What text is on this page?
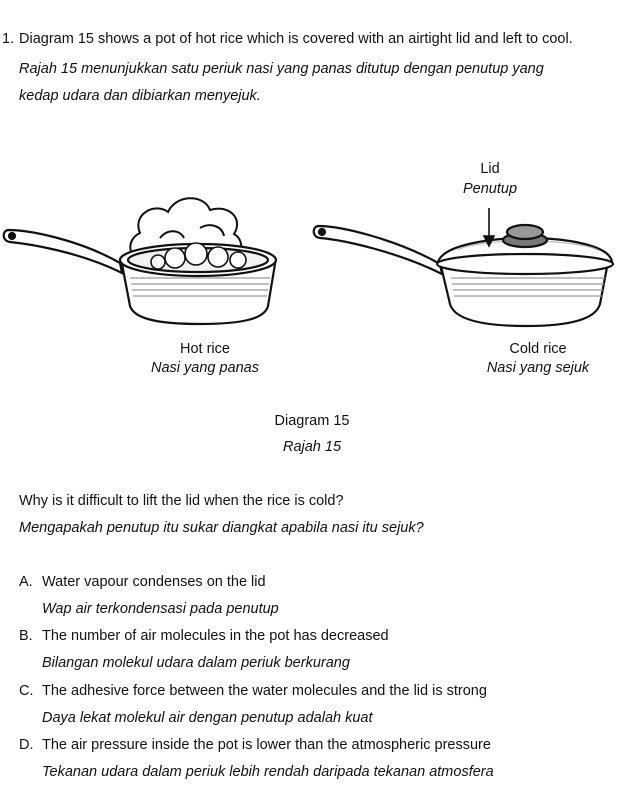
1. Diagram 15 shows a pot of hot rice which is covered with an airtight lid and left to cool.
Rajah 15 menunjukkan satu periuk nasi yang panas ditutup dengan penutup yang
kedap udara dan dibiarkan menyejuk.
Lid
Penutup
Hot rice
Nasi yang panas
Cold rice
Nasi yang sejuk
Diagram 15
Rajah 15
Why is it difficult to lift the lid when the rice is cold?
Mengapakah penutup itu sukar diangkat apabila nasi itu sejuk?
A. Water vapour condenses on the lid
Wap air terkondensasi pada penutup
B. The number of air molecules in the pot has decreased
Bilangan molekul udara dalam periuk berkurang
C. The adhesive force between the water molecules and the lid is strong
Daya lekat molekul air dengan penutup adalah kuat
D. The air pressure inside the pot is lower than the atmospheric pressure
Tekanan udara dalam periuk lebih rendah daripada tekanan atmosfera
